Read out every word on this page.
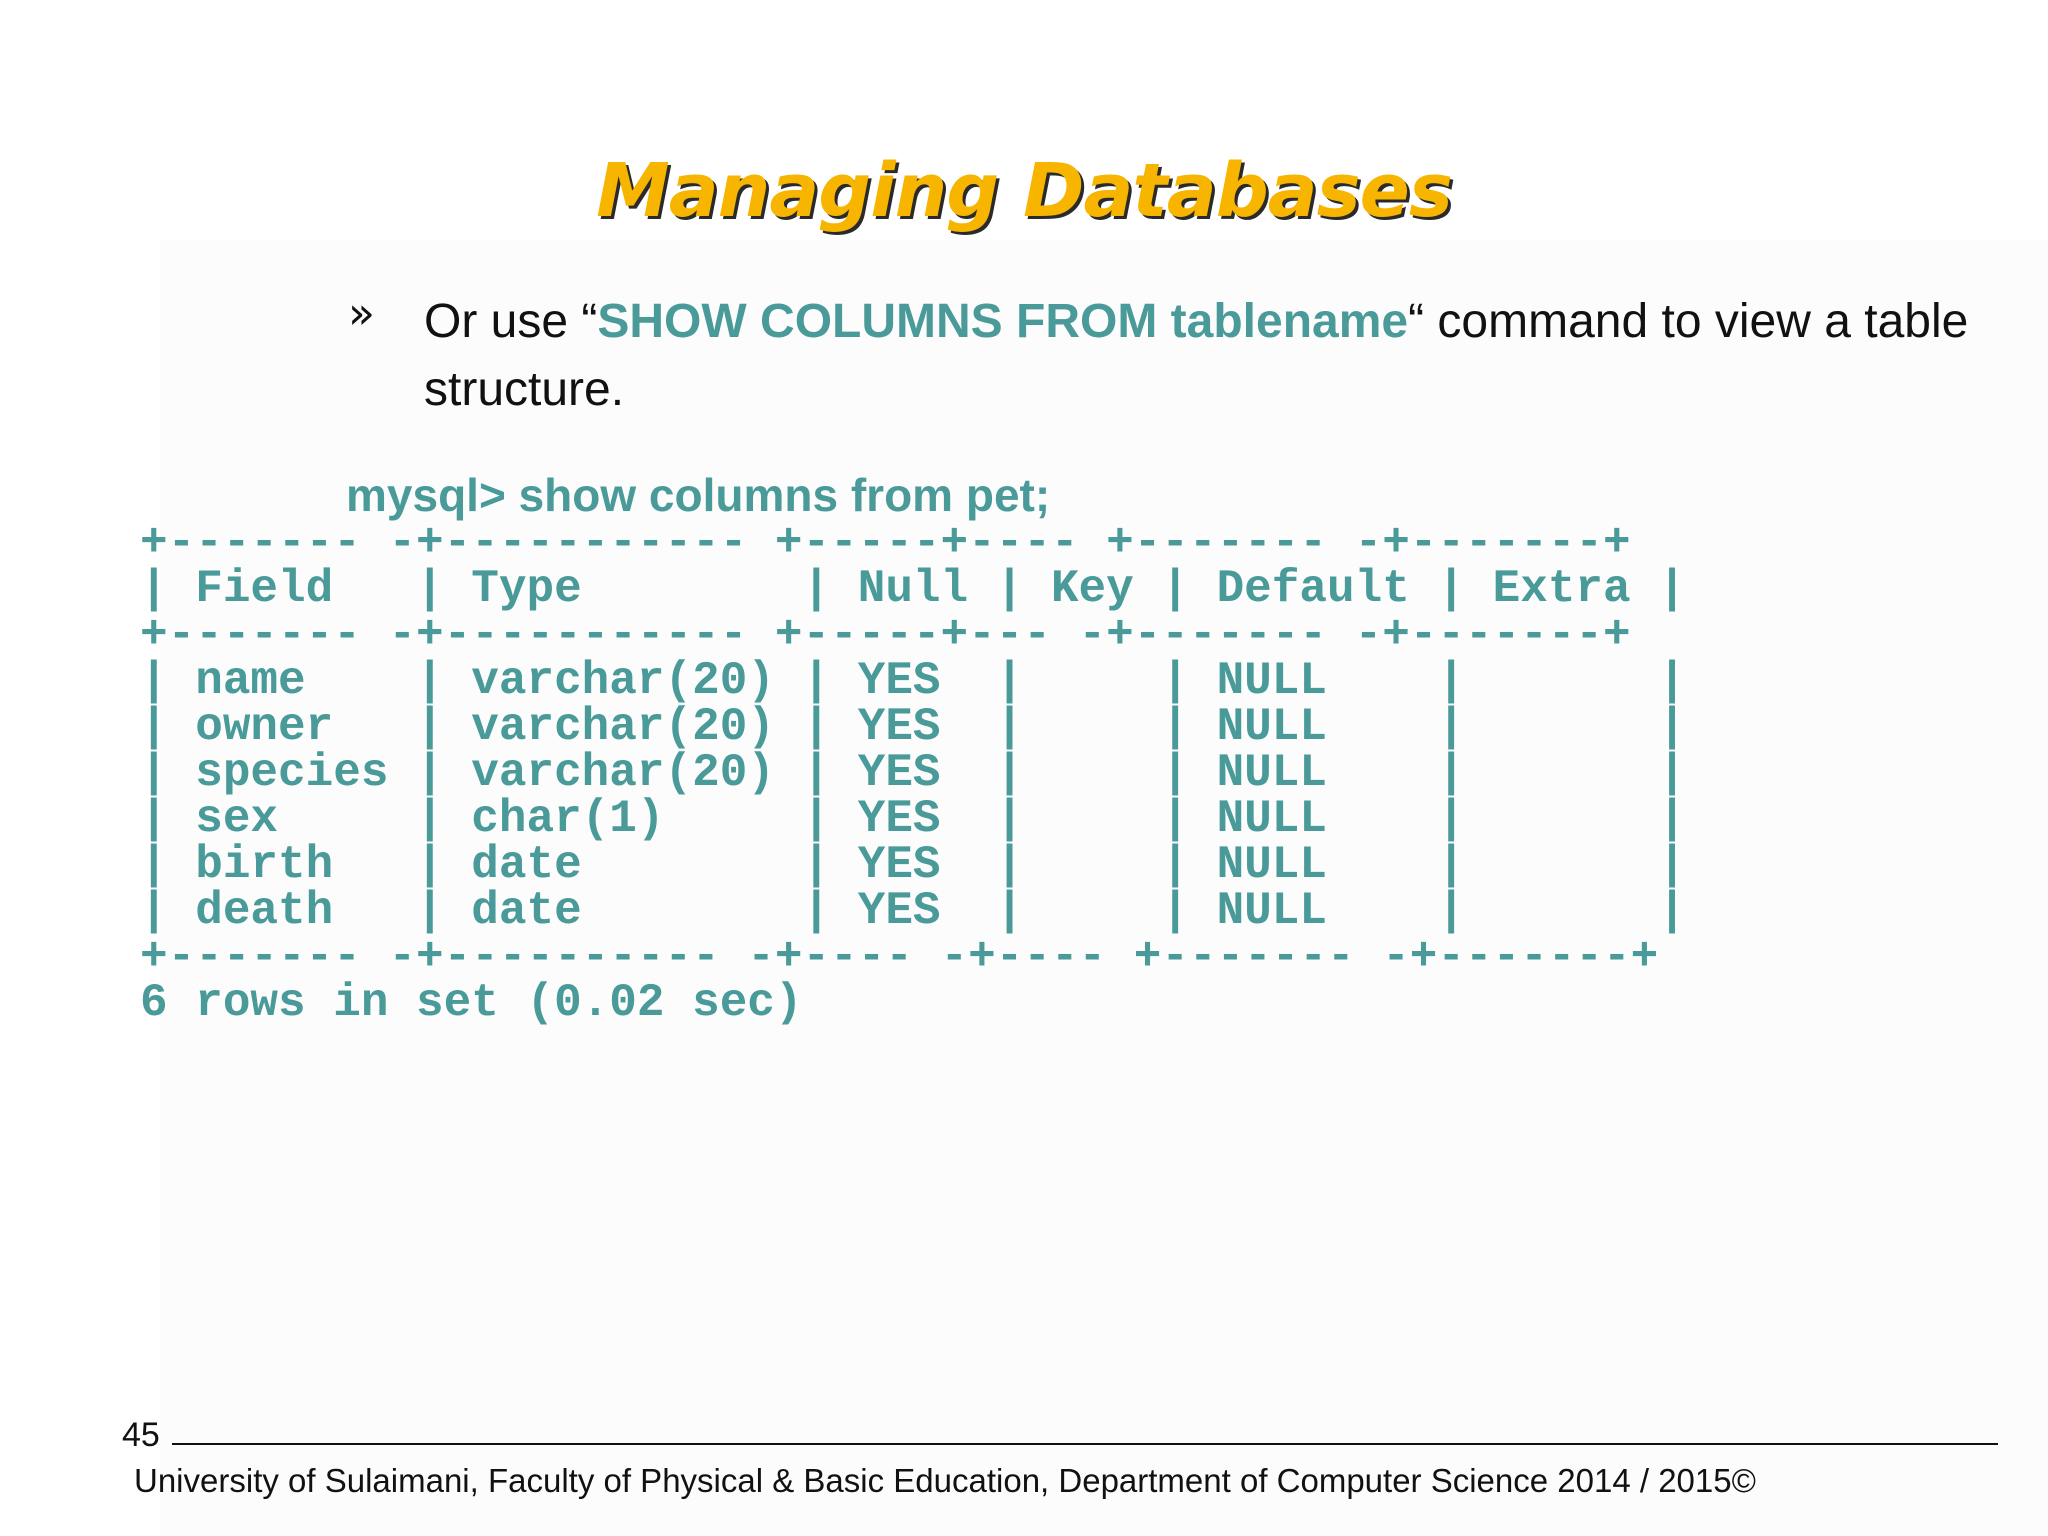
Managing Databases
» Or use “SHOW COLUMNS FROM tablename“ command to view a table structure.
mysql> show columns from pet;
+------- -+----------- +-----+---- +------- -+-------+
| Field   | Type        | Null | Key | Default | Extra |
+------- -+----------- +-----+--- -+------- -+-------+
| name    | varchar(20) | YES  |     | NULL    |       |
| owner   | varchar(20) | YES  |     | NULL    |       |
| species | varchar(20) | YES  |     | NULL    |       |
| sex     | char(1)     | YES  |     | NULL    |       |
| birth   | date        | YES  |     | NULL    |       |
| death   | date        | YES  |     | NULL    |       |
+------- -+---------- -+---- -+---- +------- -+-------+
6 rows in set (0.02 sec)
45
University of Sulaimani, Faculty of Physical & Basic Education, Department of Computer Science 2014 / 2015©
